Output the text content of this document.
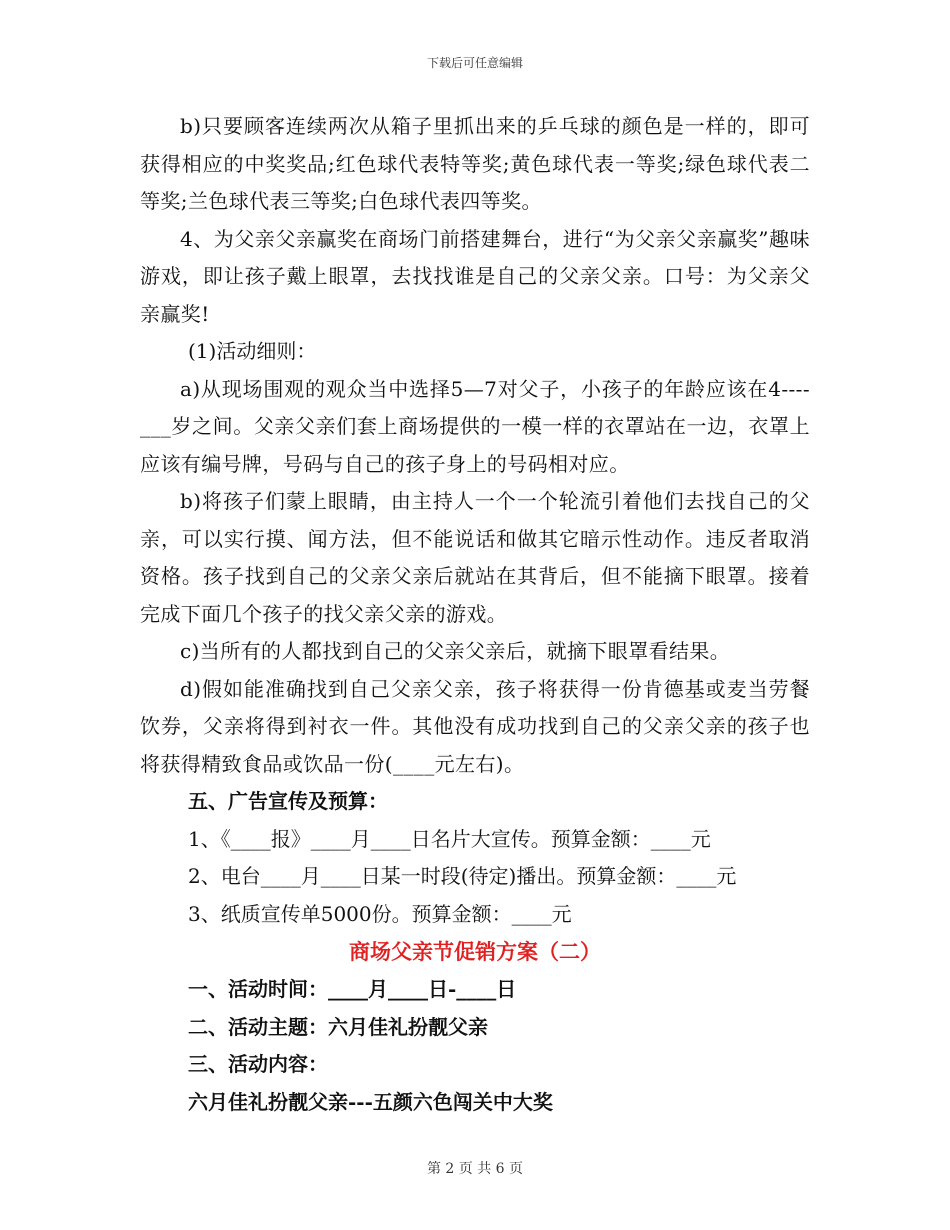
下载后可任意编辑

b)只要顾客连续两次从箱子里抓出来的乒乓球的颜色是一样的，即可获得相应的中奖奖品;红色球代表特等奖;黄色球代表一等奖;绿色球代表二等奖;兰色球代表三等奖;白色球代表四等奖。

4、为父亲父亲赢奖在商场门前搭建舞台，进行“为父亲父亲赢奖”趣味游戏，即让孩子戴上眼罩，去找找谁是自己的父亲父亲。口号：为父亲父亲赢奖!

(1)活动细则：

a)从现场围观的观众当中选择5—7对父子，小孩子的年龄应该在4----___岁之间。父亲父亲们套上商场提供的一模一样的衣罩站在一边，衣罩上应该有编号牌，号码与自己的孩子身上的号码相对应。

b)将孩子们蒙上眼睛，由主持人一个一个轮流引着他们去找自己的父亲，可以实行摸、闻方法，但不能说话和做其它暗示性动作。违反者取消资格。孩子找到自己的父亲父亲后就站在其背后，但不能摘下眼罩。接着完成下面几个孩子的找父亲父亲的游戏。

c)当所有的人都找到自己的父亲父亲后，就摘下眼罩看结果。

d)假如能准确找到自己父亲父亲，孩子将获得一份肯德基或麦当劳餐饮券，父亲将得到衬衣一件。其他没有成功找到自己的父亲父亲的孩子也将获得精致食品或饮品一份(____元左右)。

五、广告宣传及预算：

1、《____报》____月____日名片大宣传。预算金额：____元

2、电台____月____日某一时段(待定)播出。预算金额：____元

3、纸质宣传单5000份。预算金额：____元

商场父亲节促销方案（二）

一、活动时间：____月____日-____日

二、活动主题：六月佳礼扮靓父亲

三、活动内容：

六月佳礼扮靓父亲---五颜六色闯关中大奖

第 2 页 共 6 页
